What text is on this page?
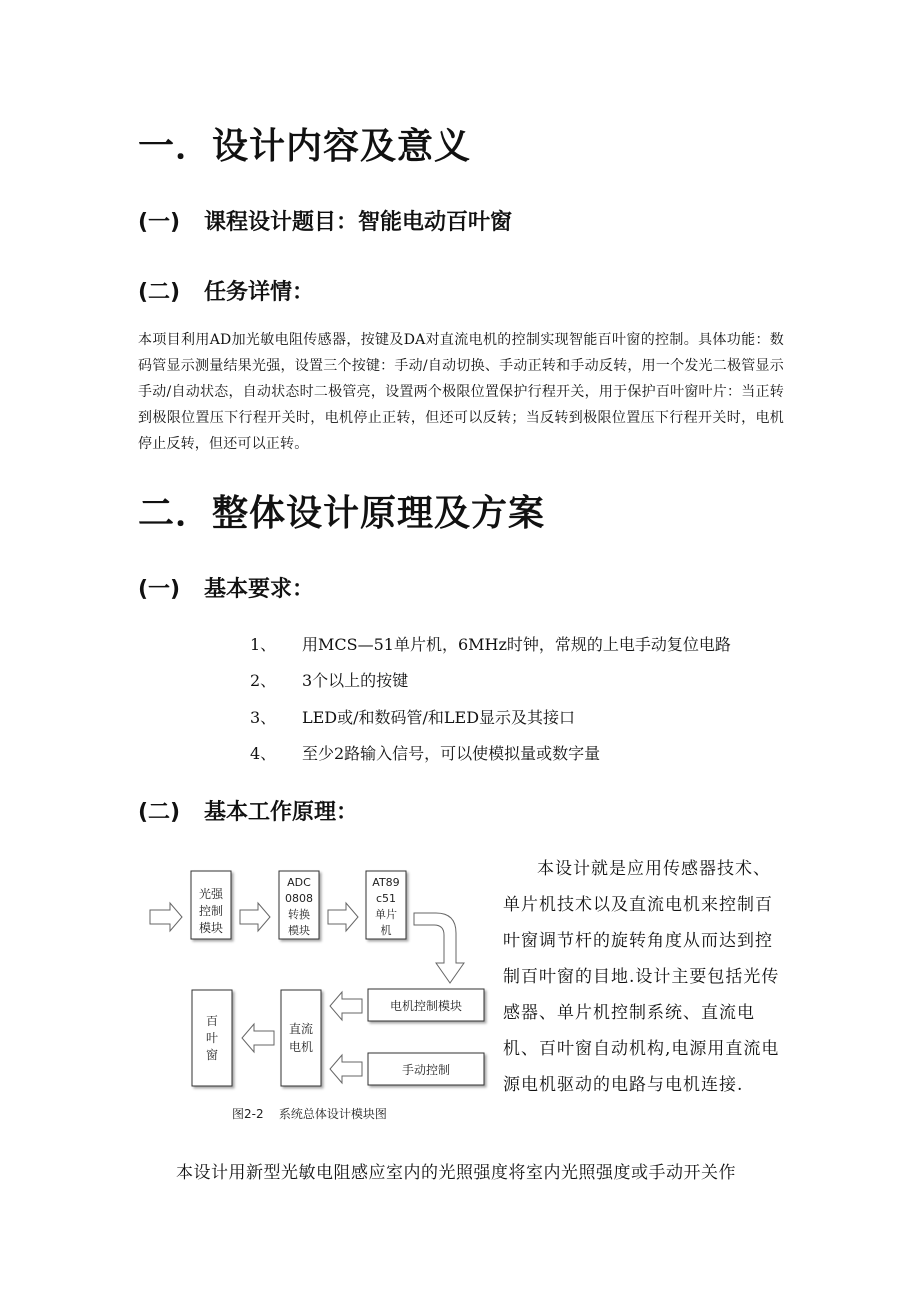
一．设计内容及意义
(一) 课程设计题目：智能电动百叶窗
(二) 任务详情：
本项目利用AD加光敏电阻传感器，按键及DA对直流电机的控制实现智能百叶窗的控制。具体功能：数码管显示测量结果光强，设置三个按键：手动/自动切换、手动正转和手动反转，用一个发光二极管显示手动/自动状态，自动状态时二极管亮，设置两个极限位置保护行程开关，用于保护百叶窗叶片：当正转到极限位置压下行程开关时，电机停止正转，但还可以反转；当反转到极限位置压下行程开关时，电机停止反转，但还可以正转。
二．整体设计原理及方案
(一) 基本要求：
1、 用MCS—51单片机，6MHz时钟，常规的上电手动复位电路
2、 3个以上的按键
3、 LED或/和数码管/和LED显示及其接口
4、 至少2路输入信号，可以使模拟量或数字量
(二) 基本工作原理：
光强
控制
模块
ADC
0808
转换
模块
AT89
c51
单片
机
电机控制模块
手动控制
直流
电机
百
叶
窗
图2-2    系统总体设计模块图
本设计就是应用传感器技术、单片机技术以及直流电机来控制百叶窗调节杆的旋转角度从而达到控制百叶窗的目地.设计主要包括光传感器、单片机控制系统、直流电机、百叶窗自动机构,电源用直流电源电机驱动的电路与电机连接.
本设计用新型光敏电阻感应室内的光照强度将室内光照强度或手动开关作
